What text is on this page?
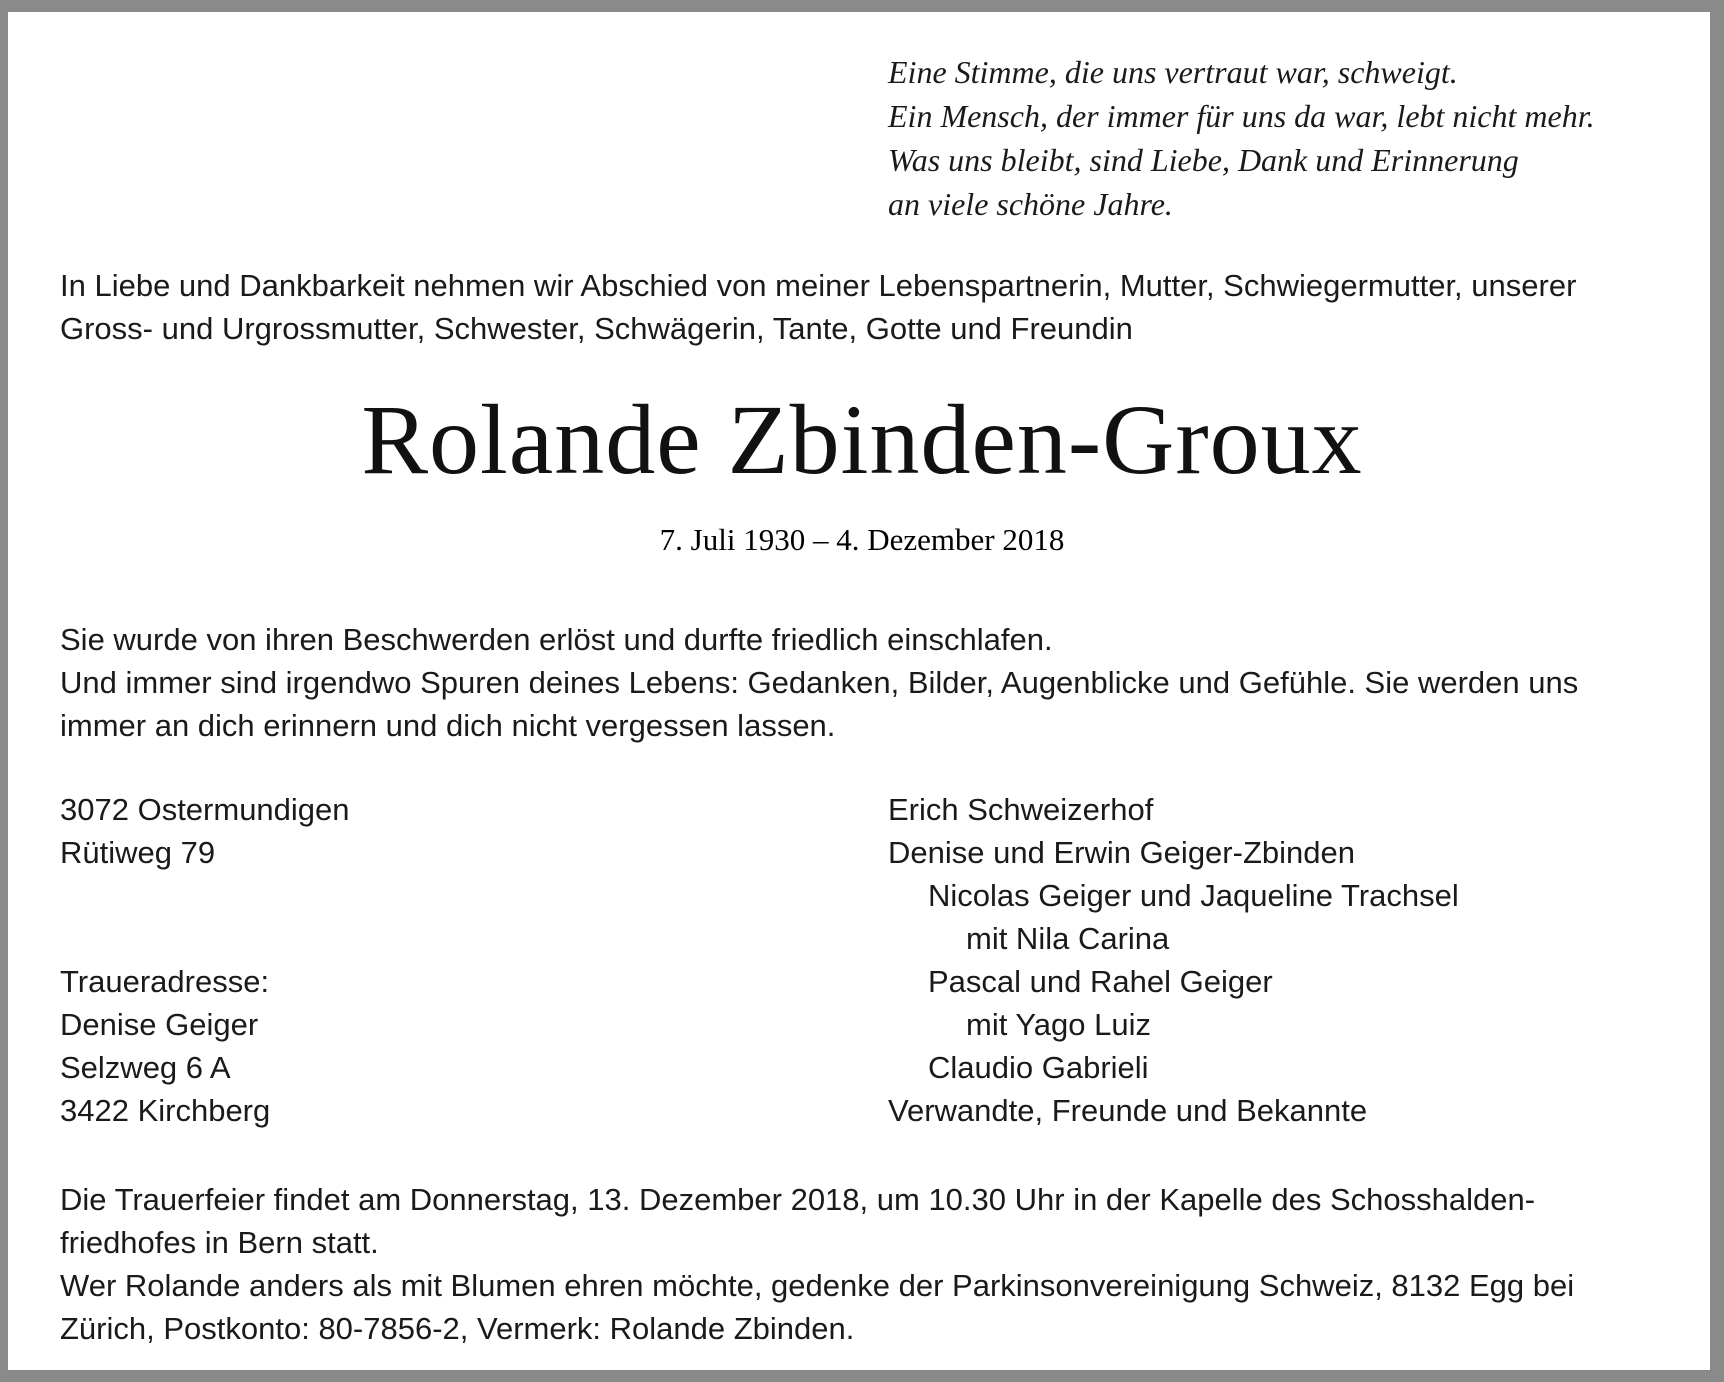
Eine Stimme, die uns vertraut war, schweigt.
Ein Mensch, der immer für uns da war, lebt nicht mehr.
Was uns bleibt, sind Liebe, Dank und Erinnerung
an viele schöne Jahre.
In Liebe und Dankbarkeit nehmen wir Abschied von meiner Lebenspartnerin, Mutter, Schwiegermutter, unserer
Gross- und Urgrossmutter, Schwester, Schwägerin, Tante, Gotte und Freundin
Sie wurde von ihren Beschwerden erlöst und durfte friedlich einschlafen.
Und immer sind irgendwo Spuren deines Lebens: Gedanken, Bilder, Augenblicke und Gefühle. Sie werden uns
immer an dich erinnern und dich nicht vergessen lassen.
3072 Ostermundigen
Rütiweg 79
Traueradresse:
Denise Geiger
Selzweg 6 A
3422 Kirchberg
Erich Schweizerhof
Denise und Erwin Geiger-Zbinden
Nicolas Geiger und Jaqueline Trachsel
mit Nila Carina
Pascal und Rahel Geiger
mit Yago Luiz
Claudio Gabrieli
Verwandte, Freunde und Bekannte
Die Trauerfeier findet am Donnerstag, 13. Dezember 2018, um 10.30 Uhr in der Kapelle des Schosshalden-
friedhofes in Bern statt.
Wer Rolande anders als mit Blumen ehren möchte, gedenke der Parkinsonvereinigung Schweiz, 8132 Egg bei
Zürich, Postkonto: 80-7856-2, Vermerk: Rolande Zbinden.
Rolande Zbinden-Groux
7. Juli 1930 – 4. Dezember 2018
